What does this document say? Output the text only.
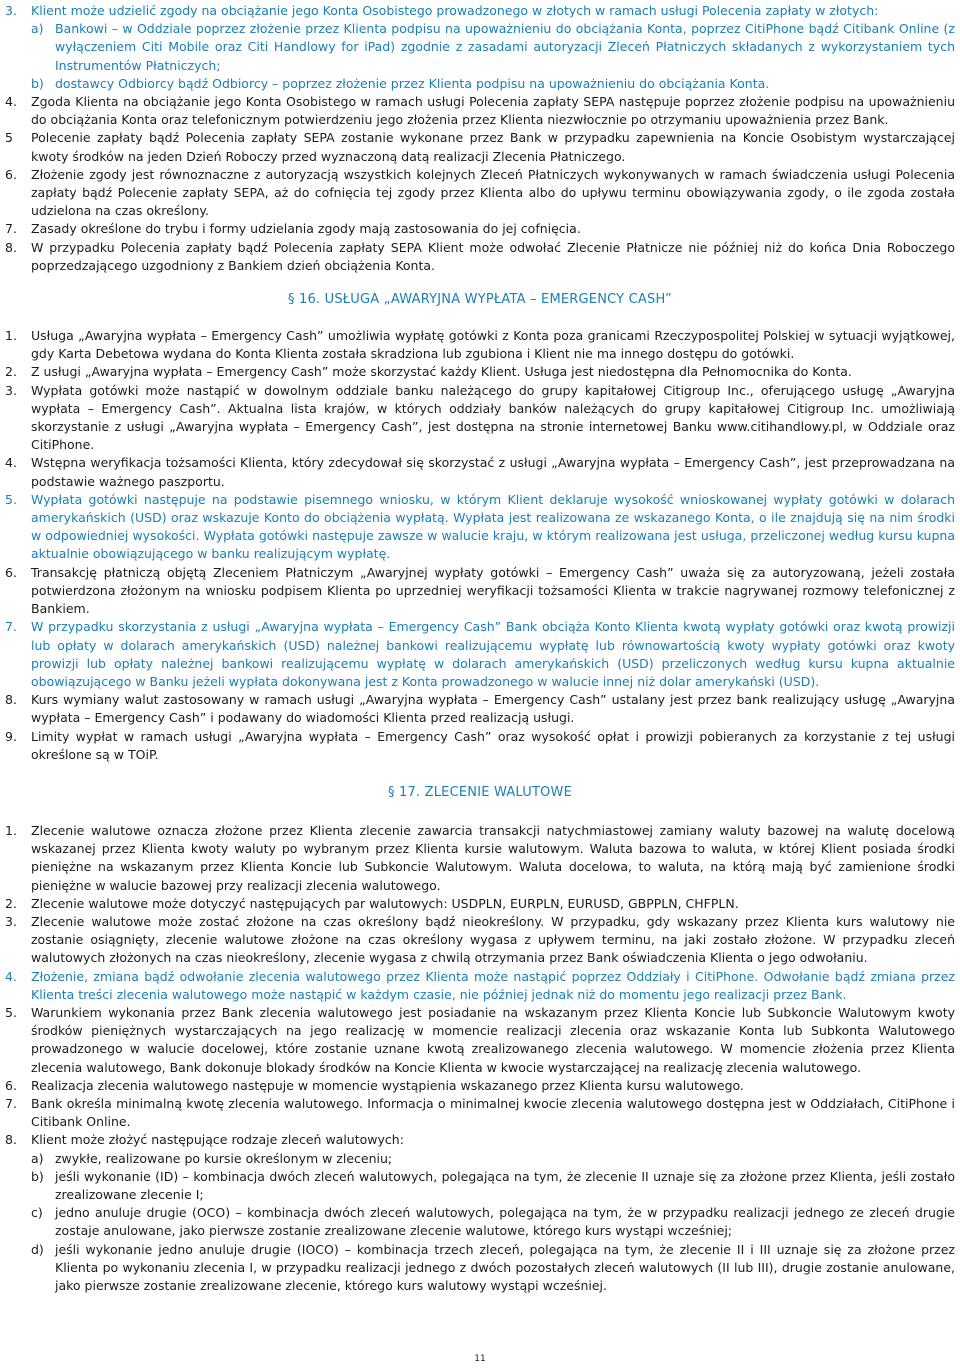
3.	Klient może udzielić zgody na obciążanie jego Konta Osobistego prowadzonego w złotych w ramach usługi Polecenia zapłaty w złotych:
a) Bankowi – w Oddziale poprzez złożenie przez Klienta podpisu na upoważnieniu do obciążania Konta, poprzez CitiPhone bądź Citibank Online (z wyłączeniem Citi Mobile oraz Citi Handlowy for iPad) zgodnie z zasadami autoryzacji Zleceń Płatniczych składanych z wykorzystaniem tych Instrumentów Płatniczych;
b) dostawcy Odbiorcy bądź Odbiorcy – poprzez złożenie przez Klienta podpisu na upoważnieniu do obciążania Konta.
4.	Zgoda Klienta na obciążanie jego Konta Osobistego w ramach usługi Polecenia zapłaty SEPA następuje poprzez złożenie podpisu na upoważnieniu do obciążania Konta oraz telefonicznym potwierdzeniu jego złożenia przez Klienta niezwłocznie po otrzymaniu upoważnienia przez Bank.
5	Polecenie zapłaty bądź Polecenia zapłaty SEPA zostanie wykonane przez Bank w przypadku zapewnienia na Koncie Osobistym wystarczającej kwoty środków na jeden Dzień Roboczy przed wyznaczoną datą realizacji Zlecenia Płatniczego.
6.	Złożenie zgody jest równoznaczne z autoryzacją wszystkich kolejnych Zleceń Płatniczych wykonywanych w ramach świadczenia usługi Polecenia zapłaty bądź Polecenie zapłaty SEPA, aż do cofnięcia tej zgody przez Klienta albo do upływu terminu obowiązywania zgody, o ile zgoda została udzielona na czas określony.
7.	Zasady określone do trybu i formy udzielania zgody mają zastosowania do jej cofnięcia.
8.	W przypadku Polecenia zapłaty bądź Polecenia zapłaty SEPA Klient może odwołać Zlecenie Płatnicze nie później niż do końca Dnia Roboczego poprzedzającego uzgodniony z Bankiem dzień obciążenia Konta.
§ 16. USŁUGA „AWARYJNA WYPŁATA – EMERGENCY CASH”
1.	Usługa „Awaryjna wypłata – Emergency Cash” umożliwia wypłatę gotówki z Konta poza granicami Rzeczypospolitej Polskiej w sytuacji wyjątkowej, gdy Karta Debetowa wydana do Konta Klienta została skradziona lub zgubiona i Klient nie ma innego dostępu do gotówki.
2.	Z usługi „Awaryjna wypłata – Emergency Cash” może skorzystać każdy Klient. Usługa jest niedostępna dla Pełnomocnika do Konta.
3.	Wypłata gotówki może nastąpić w dowolnym oddziale banku należącego do grupy kapitałowej Citigroup Inc., oferującego usługę „Awaryjna wypłata – Emergency Cash”. Aktualna lista krajów, w których oddziały banków należących do grupy kapitałowej Citigroup Inc. umożliwiają skorzystanie z usługi „Awaryjna wypłata – Emergency Cash”, jest dostępna na stronie internetowej Banku www.citihandlowy.pl, w Oddziale oraz CitiPhone.
4.	Wstępna weryfikacja tożsamości Klienta, który zdecydował się skorzystać z usługi „Awaryjna wypłata – Emergency Cash”, jest przeprowadzana na podstawie ważnego paszportu.
5.	Wypłata gotówki następuje na podstawie pisemnego wniosku, w którym Klient deklaruje wysokość wnioskowanej wypłaty gotówki w dolarach amerykańskich (USD) oraz wskazuje Konto do obciążenia wypłatą. Wypłata jest realizowana ze wskazanego Konta, o ile znajdują się na nim środki w odpowiedniej wysokości. Wypłata gotówki następuje zawsze w walucie kraju, w którym realizowana jest usługa, przeliczonej według kursu kupna aktualnie obowiązującego w banku realizującym wypłatę.
6.	Transakcję płatniczą objętą Zleceniem Płatniczym „Awaryjnej wypłaty gotówki – Emergency Cash” uważa się za autoryzowaną, jeżeli została potwierdzona złożonym na wniosku podpisem Klienta po uprzedniej weryfikacji tożsamości Klienta w trakcie nagrywanej rozmowy telefonicznej z Bankiem.
7.	W przypadku skorzystania z usługi „Awaryjna wypłata – Emergency Cash” Bank obciąża Konto Klienta kwotą wypłaty gotówki oraz kwotą prowizji lub opłaty w dolarach amerykańskich (USD) należnej bankowi realizującemu wypłatę lub równowartością kwoty wypłaty gotówki oraz kwoty prowizji lub opłaty należnej bankowi realizującemu wypłatę w dolarach amerykańskich (USD) przeliczonych według kursu kupna aktualnie obowiązującego w Banku jeżeli wypłata dokonywana jest z Konta prowadzonego w walucie innej niż dolar amerykański (USD).
8.	Kurs wymiany walut zastosowany w ramach usługi „Awaryjna wypłata – Emergency Cash” ustalany jest przez bank realizujący usługę „Awaryjna wypłata – Emergency Cash” i podawany do wiadomości Klienta przed realizacją usługi.
9.	Limity wypłat w ramach usługi „Awaryjna wypłata – Emergency Cash” oraz wysokość opłat i prowizji pobieranych za korzystanie z tej usługi określone są w TOiP.
§ 17. ZLECENIE WALUTOWE
1.	Zlecenie walutowe oznacza złożone przez Klienta zlecenie zawarcia transakcji natychmiastowej zamiany waluty bazowej na walutę docelową wskazanej przez Klienta kwoty waluty po wybranym przez Klienta kursie walutowym. Waluta bazowa to waluta, w której Klient posiada środki pieniężne na wskazanym przez Klienta Koncie lub Subkoncie Walutowym. Waluta docelowa, to waluta, na którą mają być zamienione środki pieniężne w walucie bazowej przy realizacji zlecenia walutowego.
2.	Zlecenie walutowe może dotyczyć następujących par walutowych: USDPLN, EURPLN, EURUSD, GBPPLN, CHFPLN.
3.	Zlecenie walutowe może zostać złożone na czas określony bądź nieokreślony. W przypadku, gdy wskazany przez Klienta kurs walutowy nie zostanie osiągnięty, zlecenie walutowe złożone na czas określony wygasa z upływem terminu, na jaki zostało złożone. W przypadku zleceń walutowych złożonych na czas nieokreślony, zlecenie wygasa z chwilą otrzymania przez Bank oświadczenia Klienta o jego odwołaniu.
4.	Złożenie, zmiana bądź odwołanie zlecenia walutowego przez Klienta może nastąpić poprzez Oddziały i CitiPhone. Odwołanie bądź zmiana przez Klienta treści zlecenia walutowego może nastąpić w każdym czasie, nie później jednak niż do momentu jego realizacji przez Bank.
5.	Warunkiem wykonania przez Bank zlecenia walutowego jest posiadanie na wskazanym przez Klienta Koncie lub Subkoncie Walutowym kwoty środków pieniężnych wystarczających na jego realizację w momencie realizacji zlecenia oraz wskazanie Konta lub Subkonta Walutowego prowadzonego w walucie docelowej, które zostanie uznane kwotą zrealizowanego zlecenia walutowego. W momencie złożenia przez Klienta zlecenia walutowego, Bank dokonuje blokady środków na Koncie Klienta w kwocie wystarczającej na realizację zlecenia walutowego.
6.	Realizacja zlecenia walutowego następuje w momencie wystąpienia wskazanego przez Klienta kursu walutowego.
7.	Bank określa minimalną kwotę zlecenia walutowego. Informacja o minimalnej kwocie zlecenia walutowego dostępna jest w Oddziałach, CitiPhone i Citibank Online.
8.	Klient może złożyć następujące rodzaje zleceń walutowych:
a) zwykłe, realizowane po kursie określonym w zleceniu;
b) jeśli wykonanie (ID) – kombinacja dwóch zleceń walutowych, polegająca na tym, że zlecenie II uznaje się za złożone przez Klienta, jeśli zostało zrealizowane zlecenie I;
c) jedno anuluje drugie (OCO) – kombinacja dwóch zleceń walutowych, polegająca na tym, że w przypadku realizacji jednego ze zleceń drugie zostaje anulowane, jako pierwsze zostanie zrealizowane zlecenie walutowe, którego kurs wystąpi wcześniej;
d) jeśli wykonanie jedno anuluje drugie (IOCO) – kombinacja trzech zleceń, polegająca na tym, że zlecenie II i III uznaje się za złożone przez Klienta po wykonaniu zlecenia I, w przypadku realizacji jednego z dwóch pozostałych zleceń walutowych (II lub III), drugie zostanie anulowane, jako pierwsze zostanie zrealizowane zlecenie, którego kurs walutowy wystąpi wcześniej.
11
